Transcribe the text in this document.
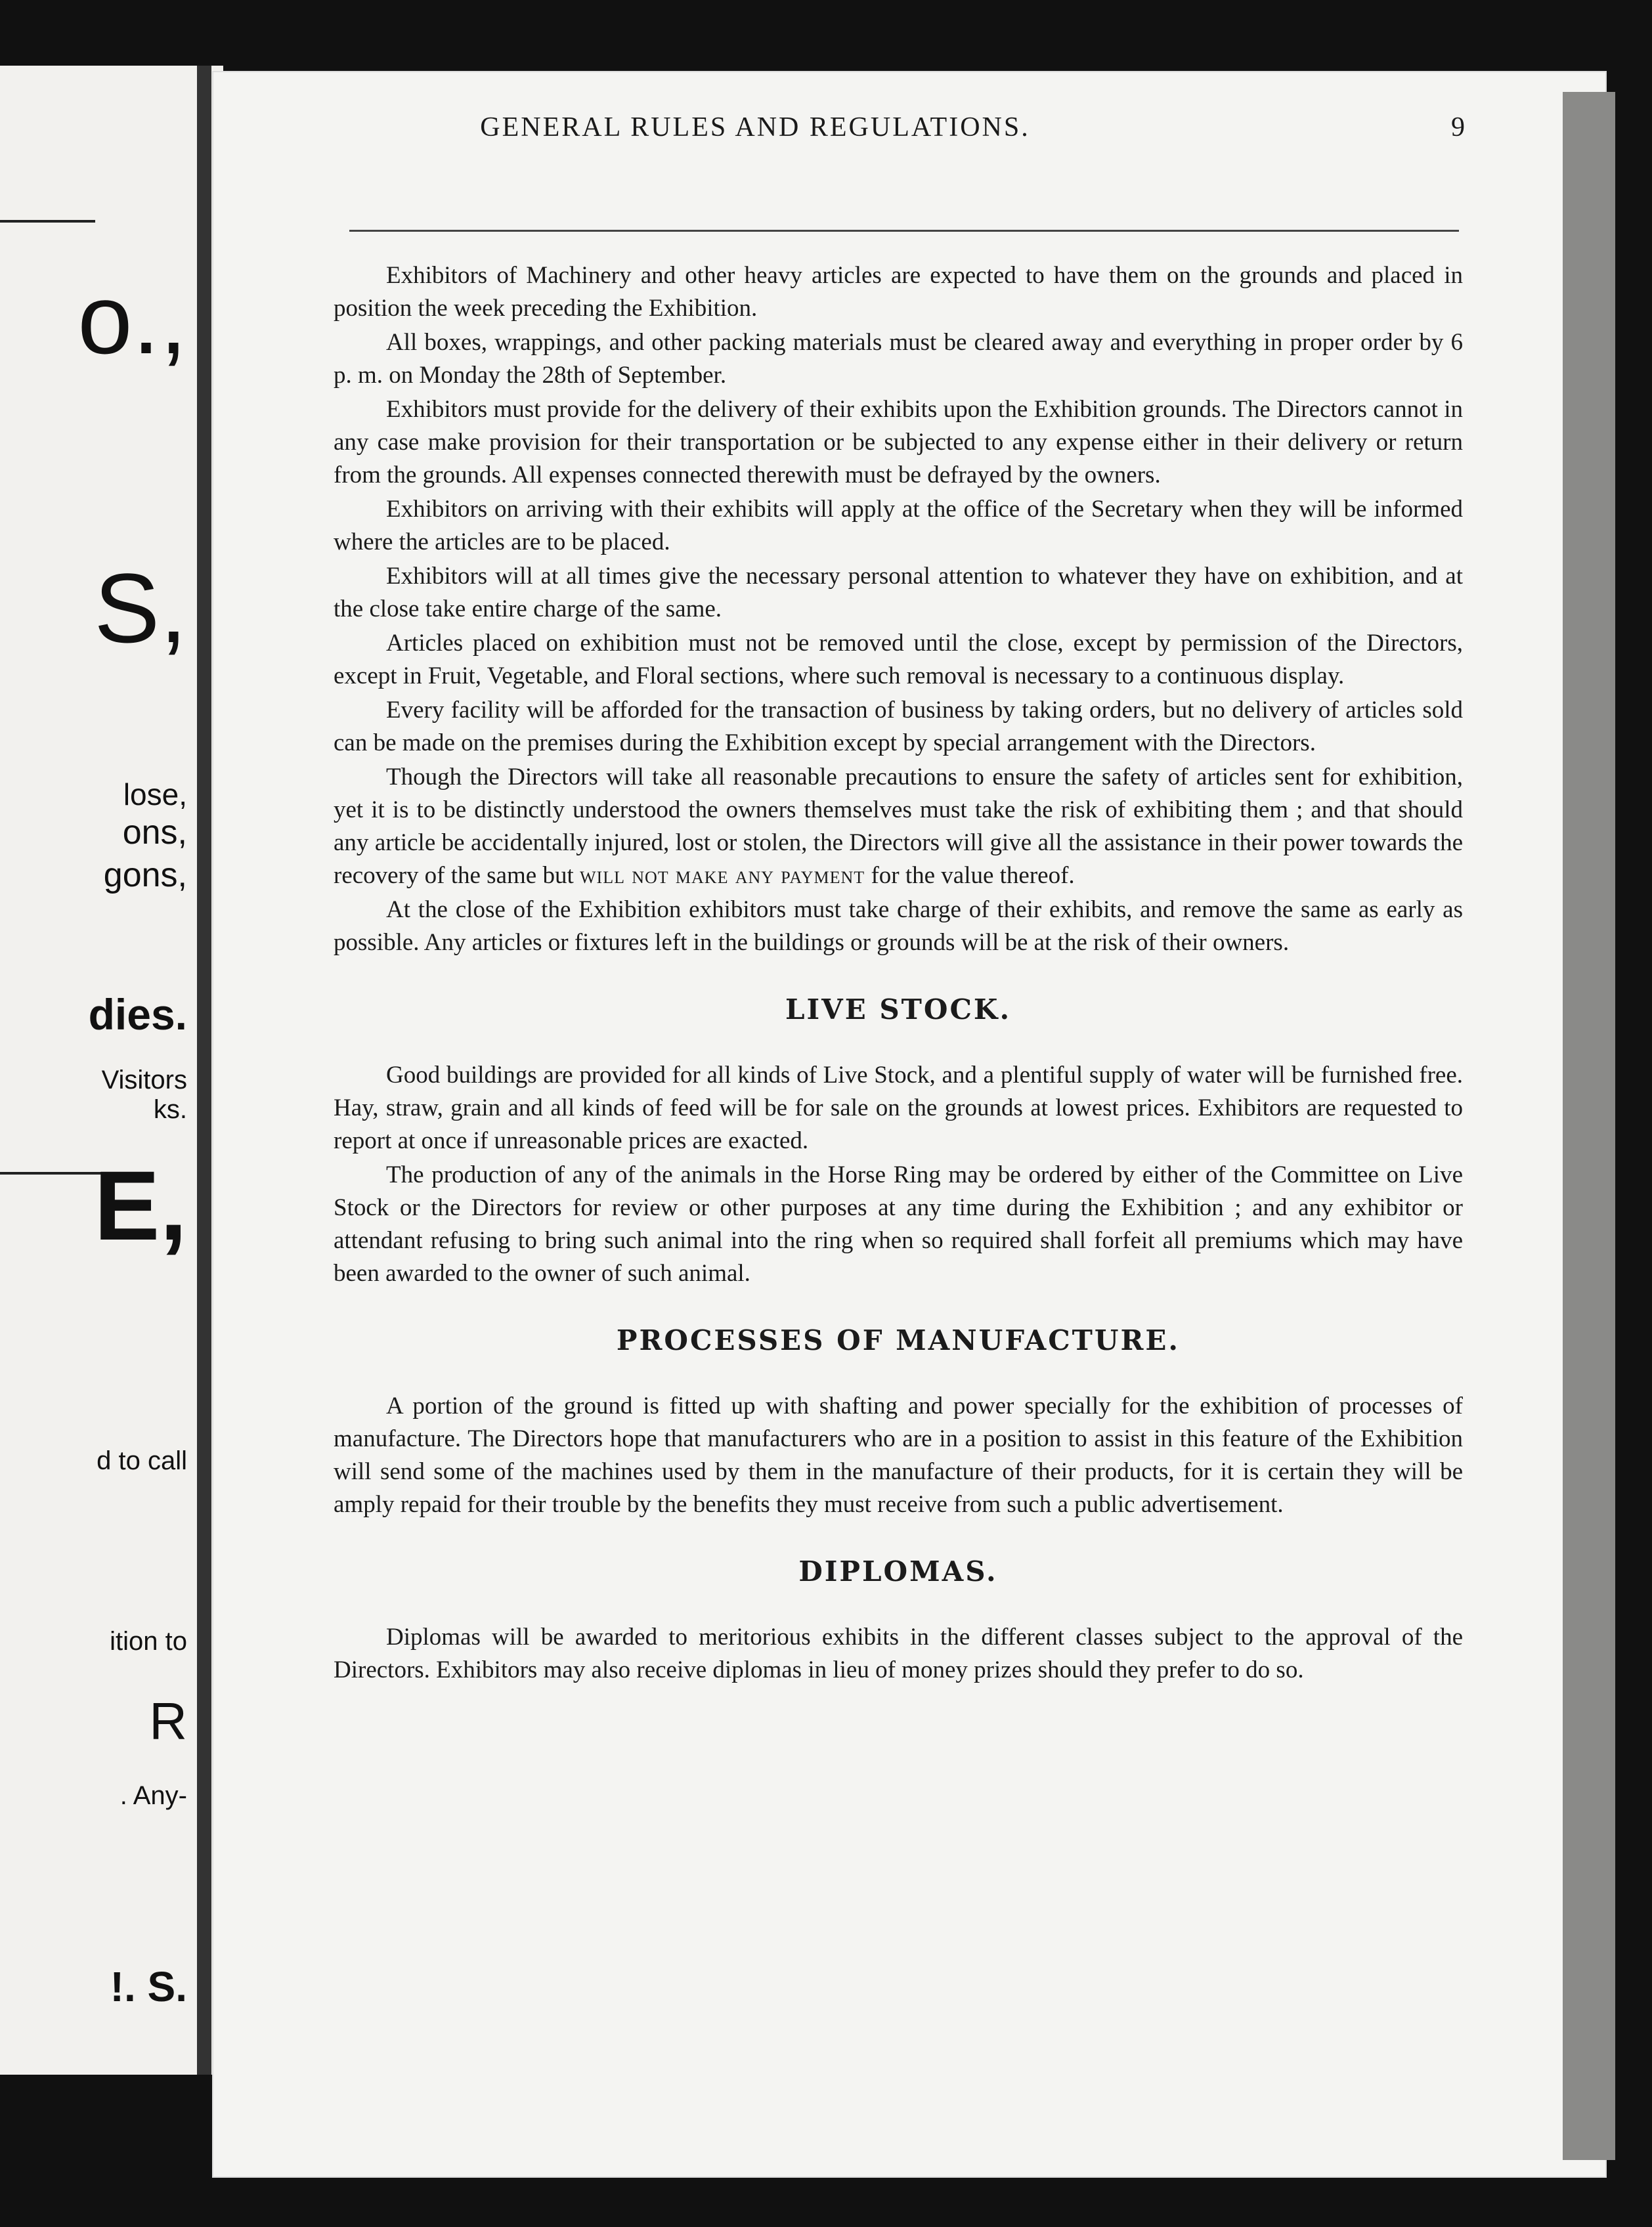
o.,
S,
lose,
ons,
gons,
dies.
Visitors
ks.
E,
d to call
ition to
R
. Any-
!. S.
GENERAL RULES AND REGULATIONS.	9

Exhibitors of Machinery and other heavy articles are expected to have them on the grounds and placed in position the week preceding the Exhibition.

All boxes, wrappings, and other packing materials must be cleared away and everything in proper order by 6 p. m. on Monday the 28th of September.

Exhibitors must provide for the delivery of their exhibits upon the Exhibition grounds. The Directors cannot in any case make provision for their transportation or be subjected to any expense either in their delivery or return from the grounds. All expenses connected therewith must be defrayed by the owners.

Exhibitors on arriving with their exhibits will apply at the office of the Secretary when they will be informed where the articles are to be placed.

Exhibitors will at all times give the necessary personal attention to whatever they have on exhibition, and at the close take entire charge of the same.

Articles placed on exhibition must not be removed until the close, except by permission of the Directors, except in Fruit, Vegetable, and Floral sections, where such removal is necessary to a continuous display.

Every facility will be afforded for the transaction of business by taking orders, but no delivery of articles sold can be made on the premises during the Exhibition except by special arrangement with the Directors.

Though the Directors will take all reasonable precautions to ensure the safety of articles sent for exhibition, yet it is to be distinctly understood the owners themselves must take the risk of exhibiting them ; and that should any article be accidentally injured, lost or stolen, the Directors will give all the assistance in their power towards the recovery of the same but will not make any payment for the value thereof.

At the close of the Exhibition exhibitors must take charge of their exhibits, and remove the same as early as possible. Any articles or fixtures left in the buildings or grounds will be at the risk of their owners.

LIVE STOCK.

Good buildings are provided for all kinds of Live Stock, and a plentiful supply of water will be furnished free. Hay, straw, grain and all kinds of feed will be for sale on the grounds at lowest prices. Exhibitors are requested to report at once if unreasonable prices are exacted.

The production of any of the animals in the Horse Ring may be ordered by either of the Committee on Live Stock or the Directors for review or other purposes at any time during the Exhibition ; and any exhibitor or attendant refusing to bring such animal into the ring when so required shall forfeit all premiums which may have been awarded to the owner of such animal.

PROCESSES OF MANUFACTURE.

A portion of the ground is fitted up with shafting and power specially for the exhibition of processes of manufacture. The Directors hope that manufacturers who are in a position to assist in this feature of the Exhibition will send some of the machines used by them in the manufacture of their products, for it is certain they will be amply repaid for their trouble by the benefits they must receive from such a public advertisement.

DIPLOMAS.

Diplomas will be awarded to meritorious exhibits in the different classes subject to the approval of the Directors. Exhibitors may also receive diplomas in lieu of money prizes should they prefer to do so.
